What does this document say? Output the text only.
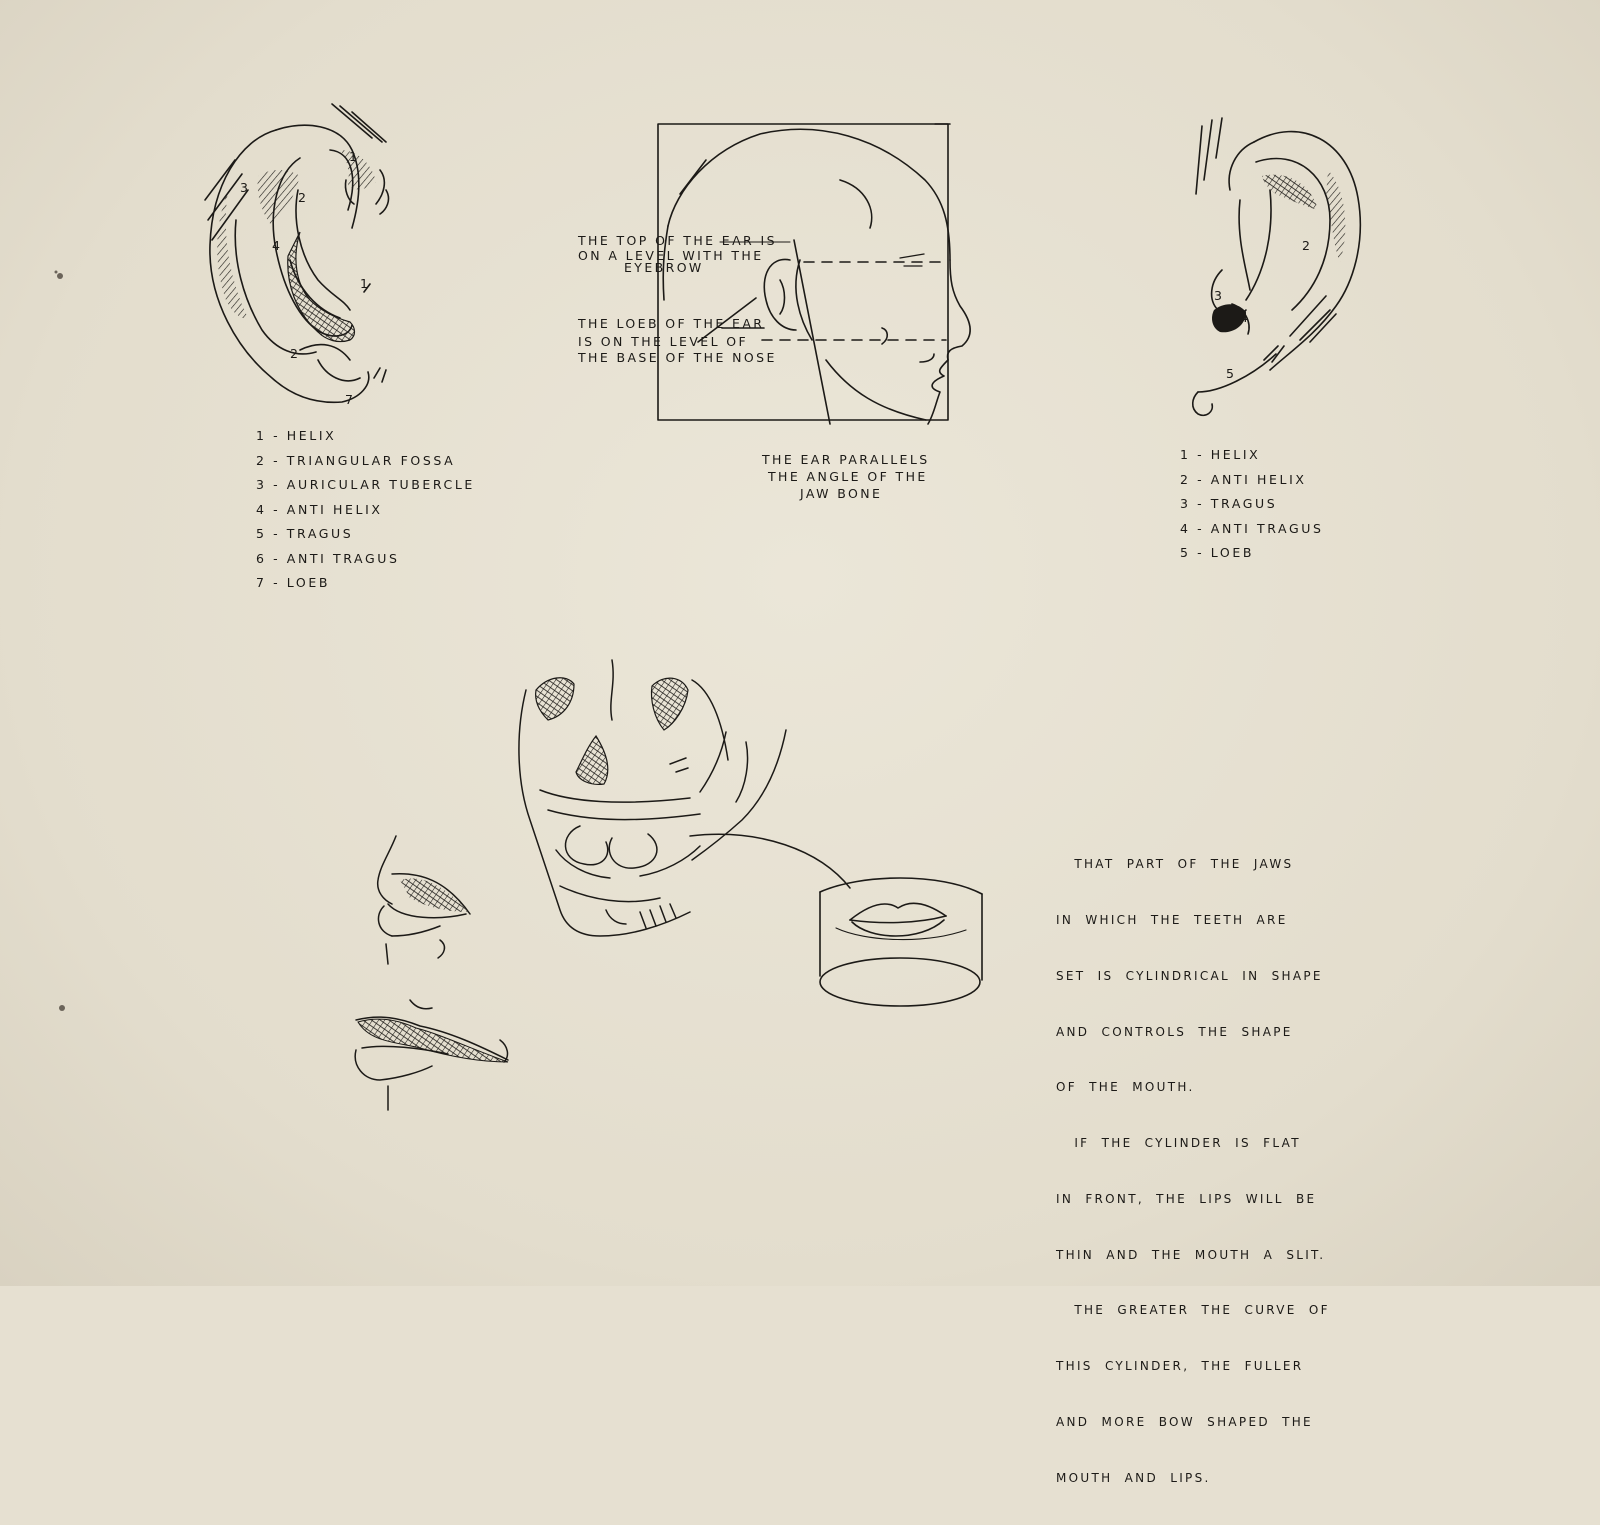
1
2
3
4
1
2
7
1 - HELIX
2 - TRIANGULAR FOSSA
3 - AURICULAR TUBERCLE
4 - ANTI HELIX
5 - TRAGUS
6 - ANTI TRAGUS
7 - LOEB
THE TOP OF THE EAR IS
ON A LEVEL WITH THE
EYEBROW
THE LOEB OF THE EAR
IS ON THE LEVEL OF
THE BASE OF THE NOSE
THE EAR PARALLELS
THE ANGLE OF THE
JAW BONE
2
3
4
5
1 - HELIX
2 - ANTI HELIX
3 - TRAGUS
4 - ANTI TRAGUS
5 - LOEB

THAT  PART  OF  THE  JAWS

IN  WHICH  THE  TEETH  ARE

SET  IS  CYLINDRICAL  IN  SHAPE

AND  CONTROLS  THE  SHAPE

OF  THE  MOUTH.

IF  THE  CYLINDER  IS  FLAT

IN  FRONT,  THE  LIPS  WILL  BE

THIN  AND  THE  MOUTH  A  SLIT.

THE  GREATER  THE  CURVE  OF

THIS  CYLINDER,  THE  FULLER

AND  MORE  BOW  SHAPED  THE

MOUTH  AND  LIPS.
